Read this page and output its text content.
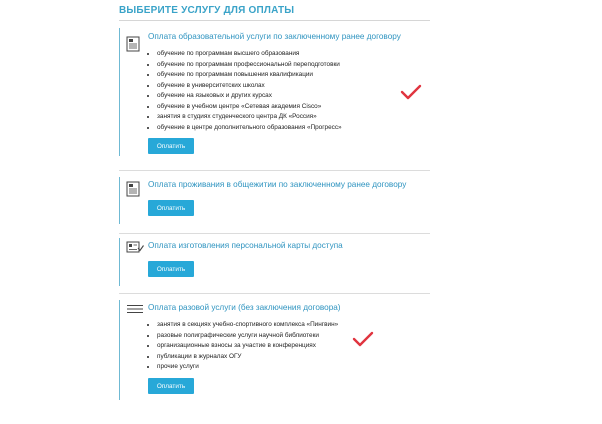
ВЫБЕРИТЕ УСЛУГУ ДЛЯ ОПЛАТЫ
Оплата образовательной услуги по заключенному ранее договору
• обучение по программам высшего образования
• обучение по программам профессиональной переподготовки
• обучение по программам повышения квалификации
• обучение в университетских школах
• обучение на языковых и других курсах
• обучение в учебном центре «Сетевая академия Cisco»
• занятия в студиях студенческого центра ДК «Россия»
• обучение в центре дополнительного образования «Прогресс»
Оплатить
Оплата проживания в общежитии по заключенному ранее договору
Оплатить
Оплата изготовления персональной карты доступа
Оплатить
Оплата разовой услуги (без заключения договора)
• занятия в секциях учебно-спортивного комплекса «Пингвин»
• разовые полиграфические услуги научной библиотеки
• организационные взносы за участие в конференциях
• публикации в журналах ОГУ
• прочие услуги
Оплатить
